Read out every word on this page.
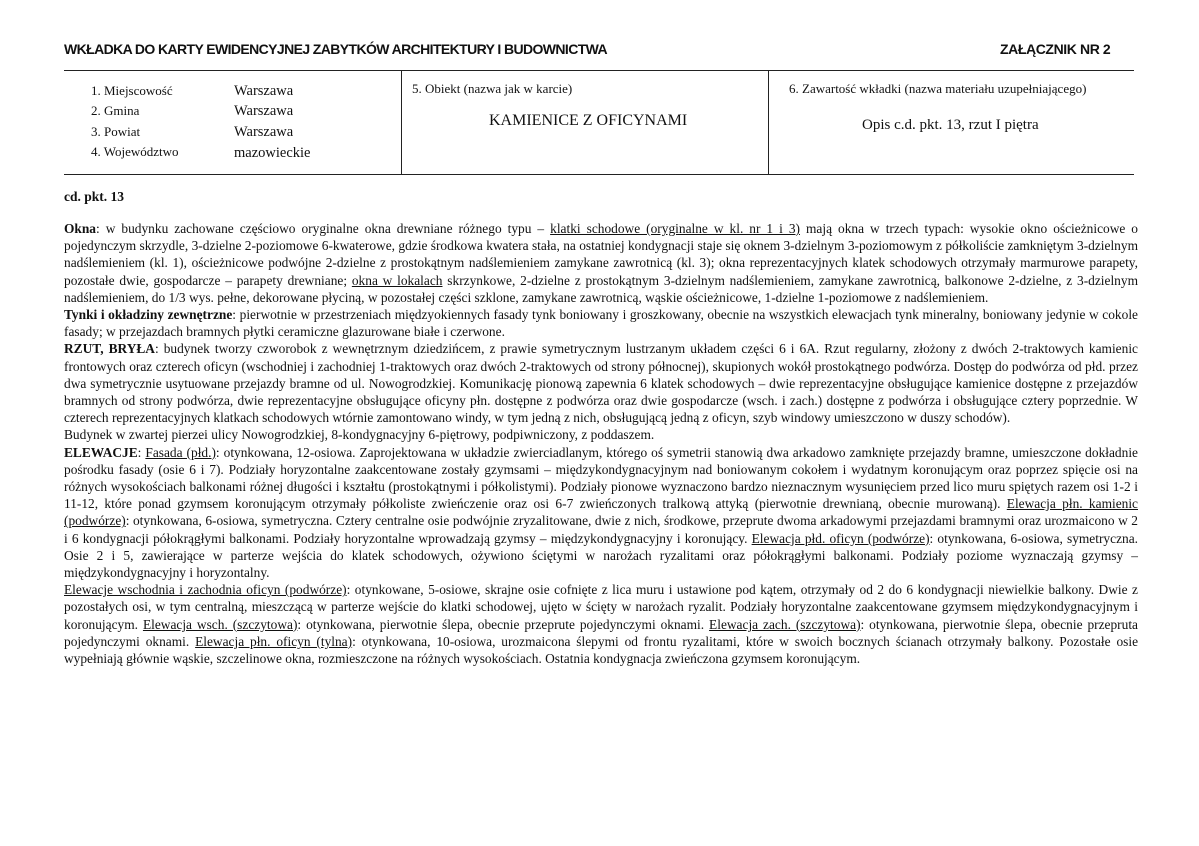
WKŁADKA DO KARTY EWIDENCYJNEJ ZABYTKÓW ARCHITEKTURY I BUDOWNICTWA	ZAŁĄCZNIK NR 2
1. Miejscowość	Warszawa
2. Gmina	Warszawa
3. Powiat	Warszawa
4. Województwo	mazowieckie
5. Obiekt (nazwa jak w karcie)
KAMIENICE Z OFICYNAMI
6. Zawartość wkładki (nazwa materiału uzupełniającego)
Opis c.d. pkt. 13, rzut I piętra
cd. pkt. 13

Okna: w budynku zachowane częściowo oryginalne okna drewniane różnego typu – klatki schodowe (oryginalne w kl. nr 1 i 3) mają okna w trzech typach: wysokie okno ościeżnicowe o pojedynczym skrzydle, 3-dzielne 2-poziomowe 6-kwaterowe, gdzie środkowa kwatera stała, na ostatniej kondygnacji staje się oknem 3-dzielnym 3-poziomowym z półkoliście zamkniętym 3-dzielnym nadślemieniem (kl. 1), ościeżnicowe podwójne 2-dzielne z prostokątnym nadślemieniem zamykane zawrotnicą (kl. 3); okna reprezentacyjnych klatek schodowych otrzymały marmurowe parapety, pozostałe dwie, gospodarcze – parapety drewniane; okna w lokalach skrzynkowe, 2-dzielne z prostokątnym 3-dzielnym nadślemieniem, zamykane zawrotnicą, balkonowe 2-dzielne, z 3-dzielnym nadślemieniem, do 1/3 wys. pełne, dekorowane płyciną, w pozostałej części szklone, zamykane zawrotnicą, wąskie ościeżnicowe, 1-dzielne 1-poziomowe z nadślemieniem.

Tynki i okładziny zewnętrzne: pierwotnie w przestrzeniach międzyokiennych fasady tynk boniowany i groszkowany, obecnie na wszystkich elewacjach tynk mineralny, boniowany jedynie w cokole fasady; w przejazdach bramnych płytki ceramiczne glazurowane białe i czerwone.

RZUT, BRYŁA: budynek tworzy czworobok z wewnętrznym dziedzińcem, z prawie symetrycznym lustrzanym układem części 6 i 6A. Rzut regularny, złożony z dwóch 2-traktowych kamienic frontowych oraz czterech oficyn (wschodniej i zachodniej 1-traktowych oraz dwóch 2-traktowych od strony północnej), skupionych wokół prostokątnego podwórza. Dostęp do podwórza od płd. przez dwa symetrycznie usytuowane przejazdy bramne od ul. Nowogrodzkiej. Komunikację pionową zapewnia 6 klatek schodowych – dwie reprezentacyjne obsługujące kamienice dostępne z przejazdów bramnych od strony podwórza, dwie reprezentacyjne obsługujące oficyny płn. dostępne z podwórza oraz dwie gospodarcze (wsch. i zach.) dostępne z podwórza i obsługujące cztery poprzednie. W czterech reprezentacyjnych klatkach schodowych wtórnie zamontowano windy, w tym jedną z nich, obsługującą jedną z oficyn, szyb windowy umieszczono w duszy schodów).

Budynek w zwartej pierzei ulicy Nowogrodzkiej, 8-kondygnacyjny 6-piętrowy, podpiwniczony, z poddaszem.

ELEWACJE: Fasada (płd.): otynkowana, 12-osiowa. Zaprojektowana w układzie zwierciadlanym, którego oś symetrii stanowią dwa arkadowo zamknięte przejazdy bramne, umieszczone dokładnie pośrodku fasady (osie 6 i 7). Podziały horyzontalne zaakcentowane zostały gzymsami – międzykondygnacyjnym nad boniowanym cokołem i wydatnym koronującym oraz poprzez spięcie osi na różnych wysokościach balkonami różnej długości i kształtu (prostokątnymi i półkolistymi). Podziały pionowe wyznaczono bardzo nieznacznym wysunięciem przed lico muru spiętych razem osi 1-2 i 11-12, które ponad gzymsem koronującym otrzymały półkoliste zwieńczenie oraz osi 6-7 zwieńczonych tralkową attyką (pierwotnie drewnianą, obecnie murowaną). Elewacja płn. kamienic (podwórze): otynkowana, 6-osiowa, symetryczna. Cztery centralne osie podwójnie zryzalitowane, dwie z nich, środkowe, przeprute dwoma arkadowymi przejazdami bramnymi oraz urozmaicono w 2 i 6 kondygnacji półokrągłymi balkonami. Podziały horyzontalne wprowadzają gzymsy – międzykondygnacyjny i koronujący. Elewacja płd. oficyn (podwórze): otynkowana, 6-osiowa, symetryczna. Osie 2 i 5, zawierające w parterze wejścia do klatek schodowych, ożywiono ściętymi w narożach ryzalitami oraz półokrągłymi balkonami. Podziały poziome wyznaczają gzymsy – międzykondygnacyjny i horyzontalny.

Elewacje wschodnia i zachodnia oficyn (podwórze): otynkowane, 5-osiowe, skrajne osie cofnięte z lica muru i ustawione pod kątem, otrzymały od 2 do 6 kondygnacji niewielkie balkony. Dwie z pozostałych osi, w tym centralną, mieszczącą w parterze wejście do klatki schodowej, ujęto w ścięty w narożach ryzalit. Podziały horyzontalne zaakcentowane gzymsem międzykondygnacyjnym i koronującym. Elewacja wsch. (szczytowa): otynkowana, pierwotnie ślepa, obecnie przeprute pojedynczymi oknami. Elewacja zach. (szczytowa): otynkowana, pierwotnie ślepa, obecnie przepruta pojedynczymi oknami. Elewacja płn. oficyn (tylna): otynkowana, 10-osiowa, urozmaicona ślepymi od frontu ryzalitami, które w swoich bocznych ścianach otrzymały balkony. Pozostałe osie wypełniają głównie wąskie, szczelinowe okna, rozmieszczone na różnych wysokościach. Ostatnia kondygnacja zwieńczona gzymsem koronującym.
